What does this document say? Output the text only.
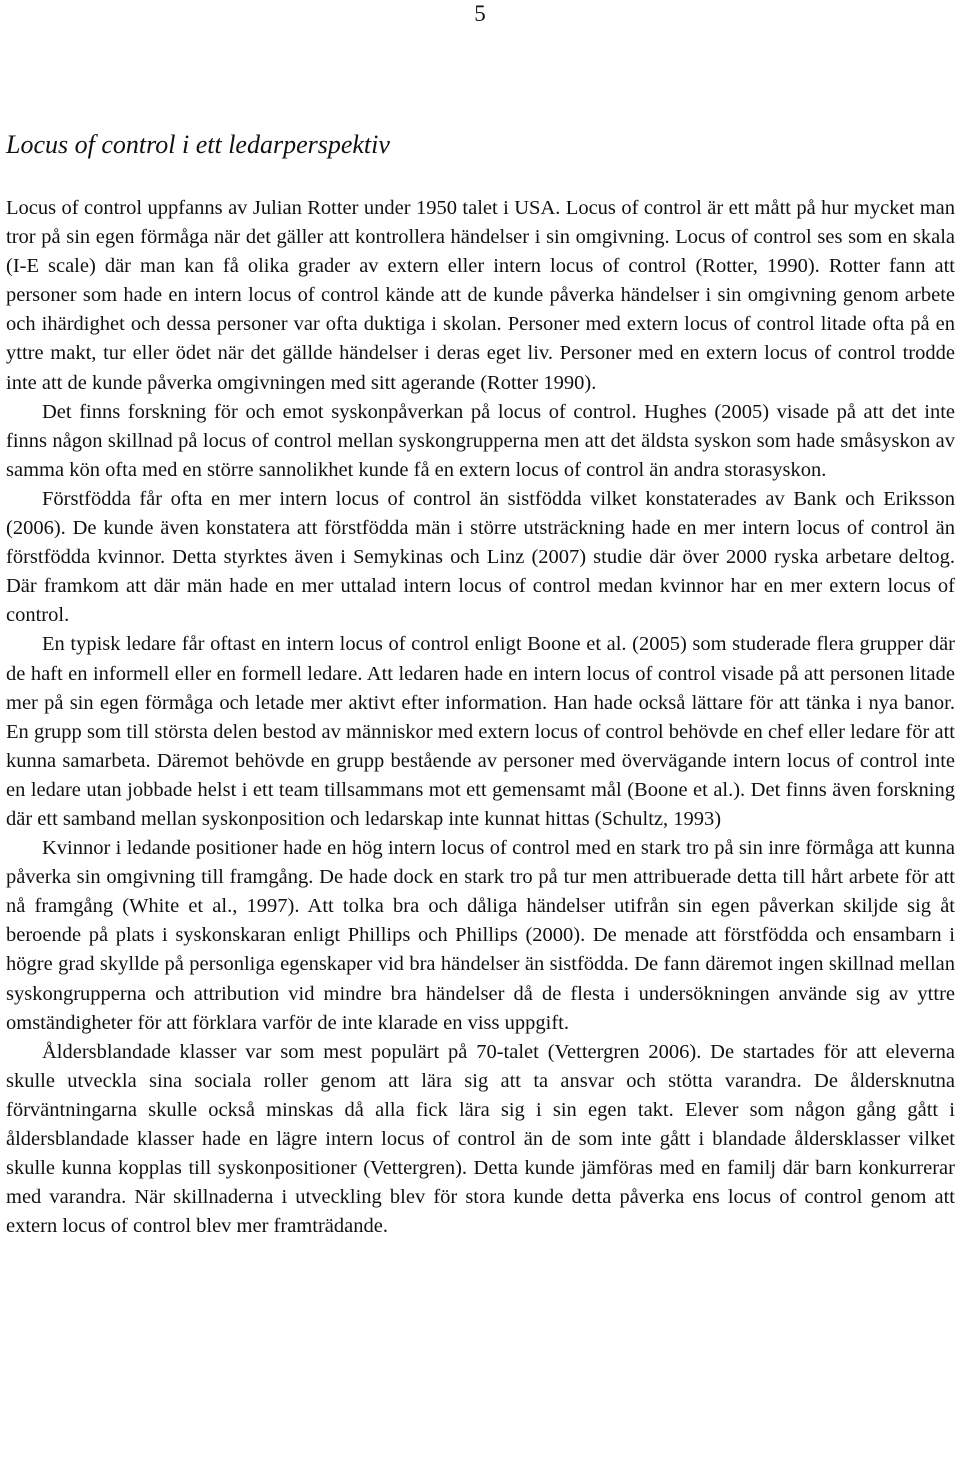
5
Locus of control i ett ledarperspektiv

Locus of control uppfanns av Julian Rotter under 1950 talet i USA. Locus of control är ett mått på hur mycket man tror på sin egen förmåga när det gäller att kontrollera händelser i sin omgivning. Locus of control ses som en skala (I-E scale) där man kan få olika grader av extern eller intern locus of control (Rotter, 1990). Rotter fann att personer som hade en intern locus of control kände att de kunde påverka händelser i sin omgivning genom arbete och ihärdighet och dessa personer var ofta duktiga i skolan. Personer med extern locus of control litade ofta på en yttre makt, tur eller ödet när det gällde händelser i deras eget liv. Personer med en extern locus of control trodde inte att de kunde påverka omgivningen med sitt agerande (Rotter 1990).

Det finns forskning för och emot syskonpåverkan på locus of control. Hughes (2005) visade på att det inte finns någon skillnad på locus of control mellan syskongrupperna men att det äldsta syskon som hade småsyskon av samma kön ofta med en större sannolikhet kunde få en extern locus of control än andra storasyskon.

Förstfödda får ofta en mer intern locus of control än sistfödda vilket konstaterades av Bank och Eriksson (2006). De kunde även konstatera att förstfödda män i större utsträckning hade en mer intern locus of control än förstfödda kvinnor. Detta styrktes även i Semykinas och Linz (2007) studie där över 2000 ryska arbetare deltog. Där framkom att där män hade en mer uttalad intern locus of control medan kvinnor har en mer extern locus of control.

En typisk ledare får oftast en intern locus of control enligt Boone et al. (2005) som studerade flera grupper där de haft en informell eller en formell ledare. Att ledaren hade en intern locus of control visade på att personen litade mer på sin egen förmåga och letade mer aktivt efter information. Han hade också lättare för att tänka i nya banor. En grupp som till största delen bestod av människor med extern locus of control behövde en chef eller ledare för att kunna samarbeta. Däremot behövde en grupp bestående av personer med övervägande intern locus of control inte en ledare utan jobbade helst i ett team tillsammans mot ett gemensamt mål (Boone et al.). Det finns även forskning där ett samband mellan syskonposition och ledarskap inte kunnat hittas (Schultz, 1993)

Kvinnor i ledande positioner hade en hög intern locus of control med en stark tro på sin inre förmåga att kunna påverka sin omgivning till framgång. De hade dock en stark tro på tur men attribuerade detta till hårt arbete för att nå framgång (White et al., 1997). Att tolka bra och dåliga händelser utifrån sin egen påverkan skiljde sig åt beroende på plats i syskonskaran enligt Phillips och Phillips (2000). De menade att förstfödda och ensambarn i högre grad skyllde på personliga egenskaper vid bra händelser än sistfödda. De fann däremot ingen skillnad mellan syskongrupperna och attribution vid mindre bra händelser då de flesta i undersökningen använde sig av yttre omständigheter för att förklara varför de inte klarade en viss uppgift.

Åldersblandade klasser var som mest populärt på 70-talet (Vettergren 2006). De startades för att eleverna skulle utveckla sina sociala roller genom att lära sig att ta ansvar och stötta varandra. De åldersknutna förväntningarna skulle också minskas då alla fick lära sig i sin egen takt. Elever som någon gång gått i åldersblandade klasser hade en lägre intern locus of control än de som inte gått i blandade åldersklasser vilket skulle kunna kopplas till syskonpositioner (Vettergren). Detta kunde jämföras med en familj där barn konkurrerar med varandra. När skillnaderna i utveckling blev för stora kunde detta påverka ens locus of control genom att extern locus of control blev mer framträdande.
